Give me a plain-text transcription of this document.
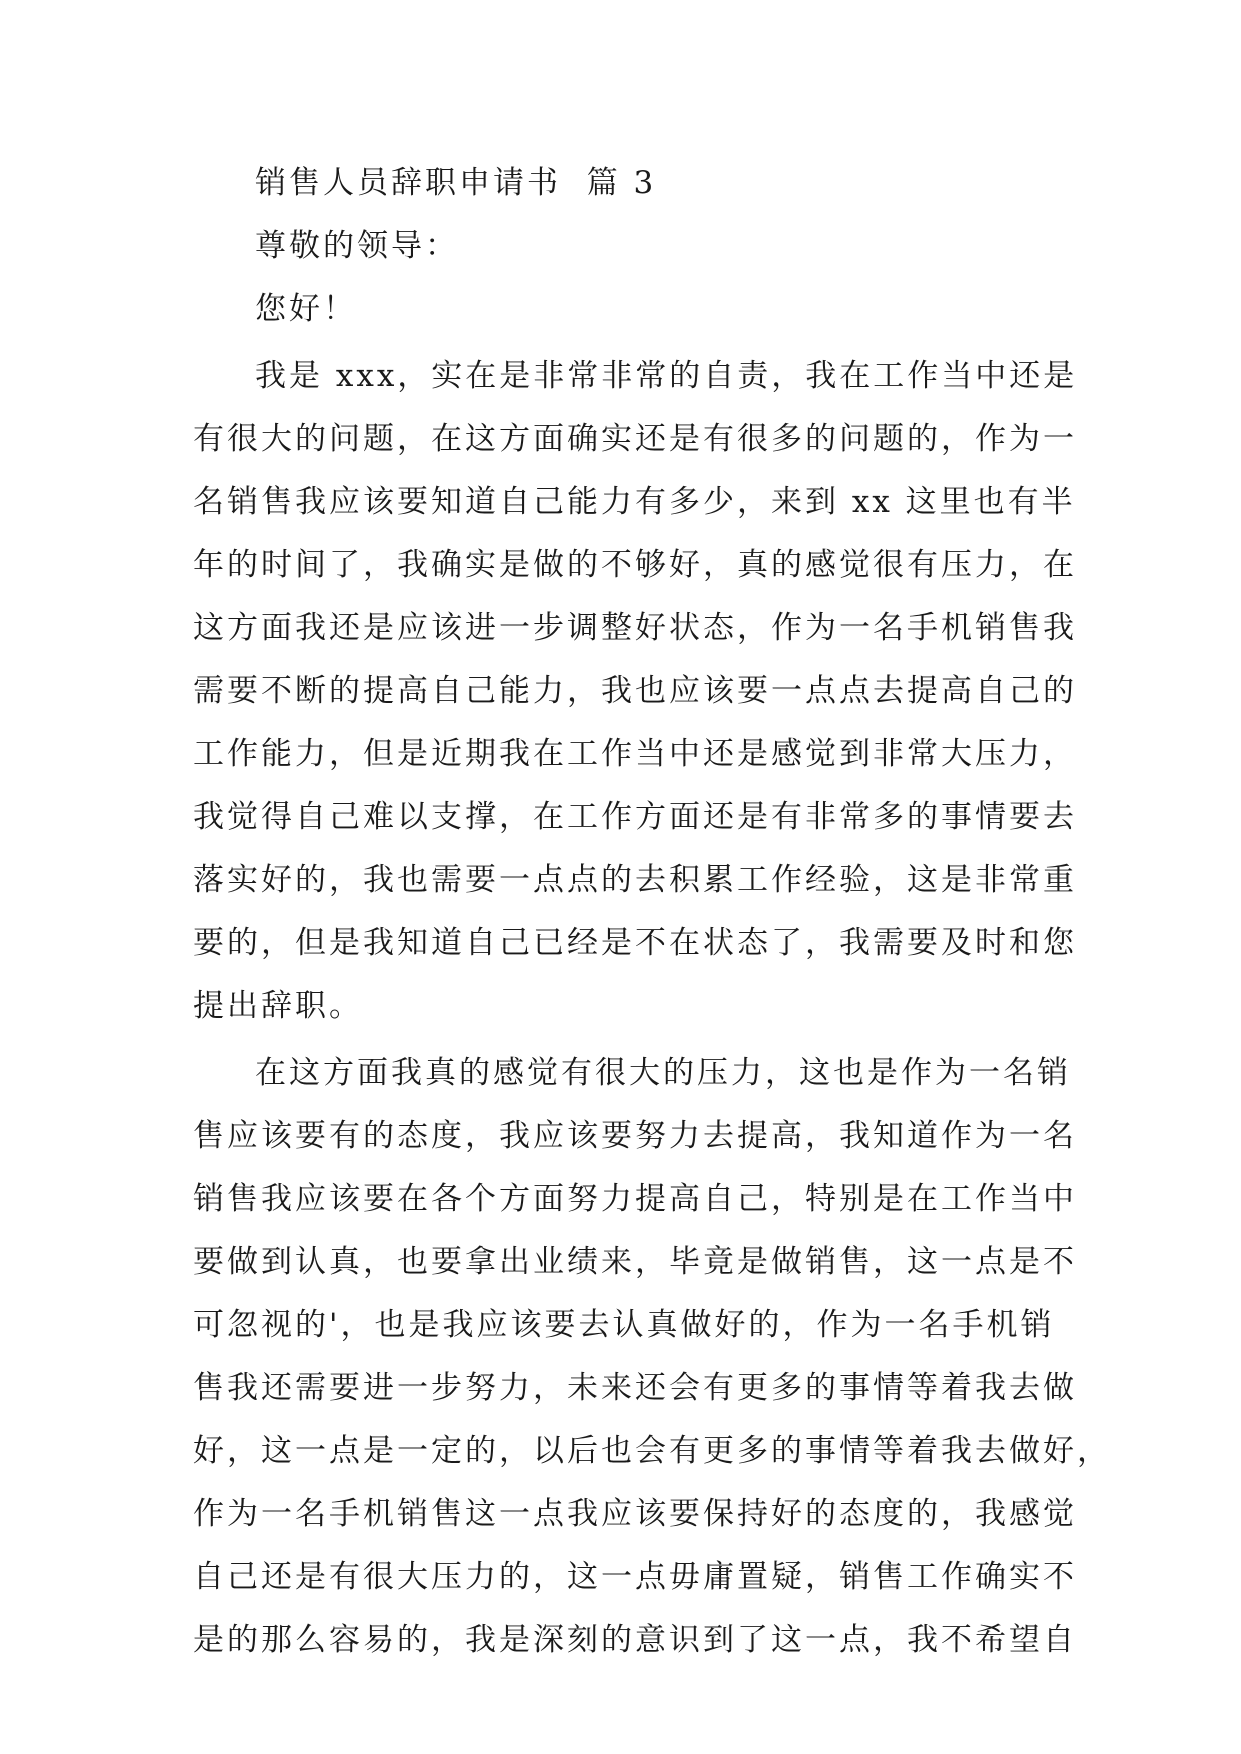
销售人员辞职申请书  篇 3
尊敬的领导：
您好！
我是 xxx，实在是非常非常的自责，我在工作当中还是
有很大的问题，在这方面确实还是有很多的问题的，作为一
名销售我应该要知道自己能力有多少，来到 xx 这里也有半
年的时间了，我确实是做的不够好，真的感觉很有压力，在
这方面我还是应该进一步调整好状态，作为一名手机销售我
需要不断的提高自己能力，我也应该要一点点去提高自己的
工作能力，但是近期我在工作当中还是感觉到非常大压力，
我觉得自己难以支撑，在工作方面还是有非常多的事情要去
落实好的，我也需要一点点的去积累工作经验，这是非常重
要的，但是我知道自己已经是不在状态了，我需要及时和您
提出辞职。
在这方面我真的感觉有很大的压力，这也是作为一名销
售应该要有的态度，我应该要努力去提高，我知道作为一名
销售我应该要在各个方面努力提高自己，特别是在工作当中
要做到认真，也要拿出业绩来，毕竟是做销售，这一点是不
可忽视的'，也是我应该要去认真做好的，作为一名手机销
售我还需要进一步努力，未来还会有更多的事情等着我去做
好，这一点是一定的，以后也会有更多的事情等着我去做好，
作为一名手机销售这一点我应该要保持好的态度的，我感觉
自己还是有很大压力的，这一点毋庸置疑，销售工作确实不
是的那么容易的，我是深刻的意识到了这一点，我不希望自
